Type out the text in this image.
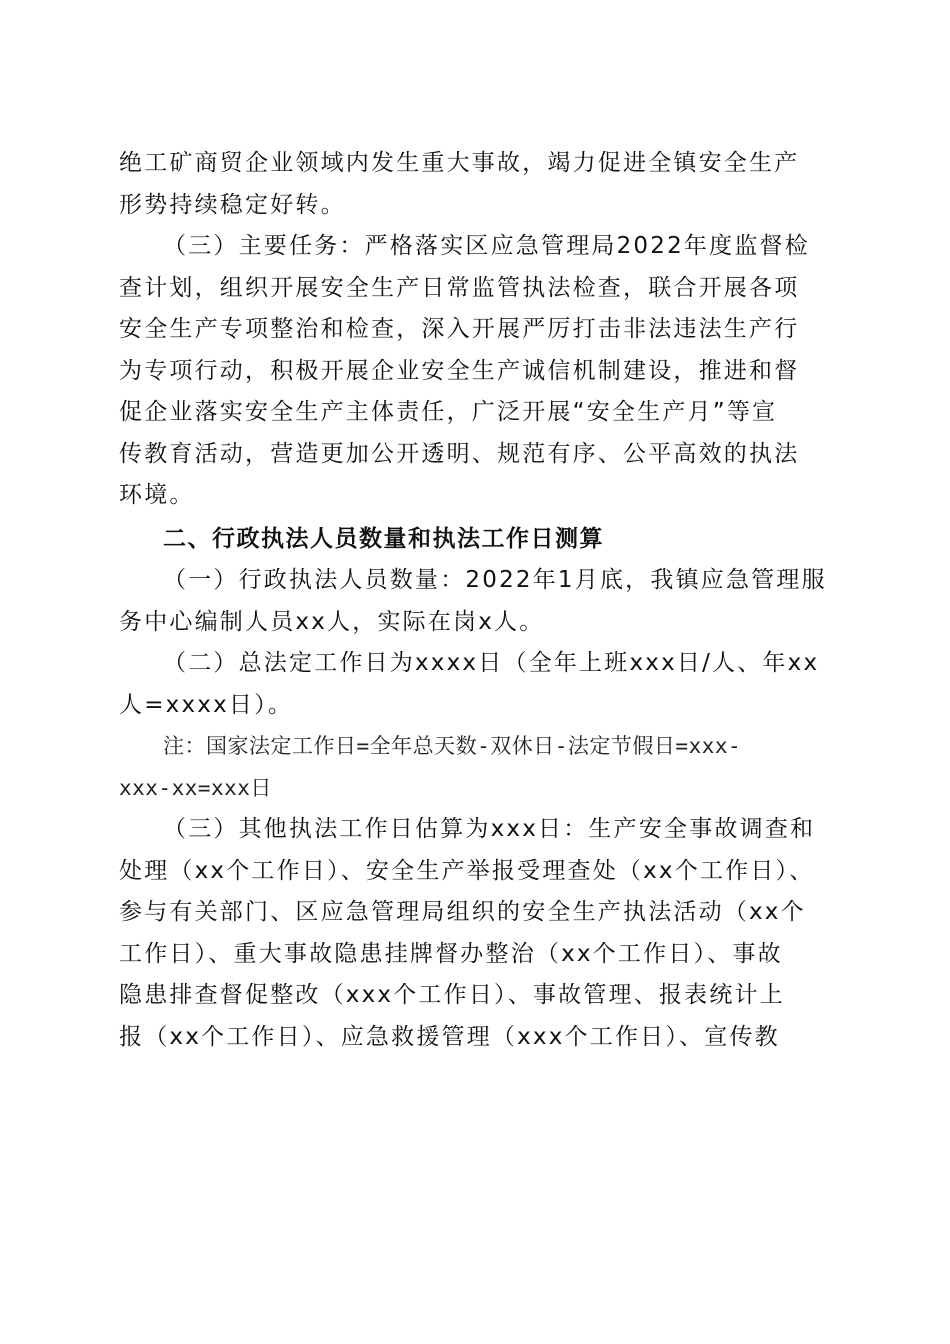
绝工矿商贸企业领域内发生重大事故，竭力促进全镇安全生产
形势持续稳定好转。
（三）主要任务：严格落实区应急管理局2022年度监督检
查计划，组织开展安全生产日常监管执法检查，联合开展各项
安全生产专项整治和检查，深入开展严厉打击非法违法生产行
为专项行动，积极开展企业安全生产诚信机制建设，推进和督
促企业落实安全生产主体责任，广泛开展“安全生产月”等宣
传教育活动，营造更加公开透明、规范有序、公平高效的执法
环境。
二、行政执法人员数量和执法工作日测算
（一）行政执法人员数量：2022年1月底，我镇应急管理服
务中心编制人员xx人，实际在岗x人。
（二）总法定工作日为xxxx日（全年上班xxx日/人、年xx
人=xxxx日）。
注：国家法定工作日=全年总天数-双休日-法定节假日=xxx-
xxx-xx=xxx日
（三）其他执法工作日估算为xxx日：生产安全事故调查和
处理（xx个工作日）、安全生产举报受理查处（xx个工作日）、
参与有关部门、区应急管理局组织的安全生产执法活动（xx个
工作日）、重大事故隐患挂牌督办整治（xx个工作日）、事故
隐患排查督促整改（xxx个工作日）、事故管理、报表统计上
报（xx个工作日）、应急救援管理（xxx个工作日）、宣传教
